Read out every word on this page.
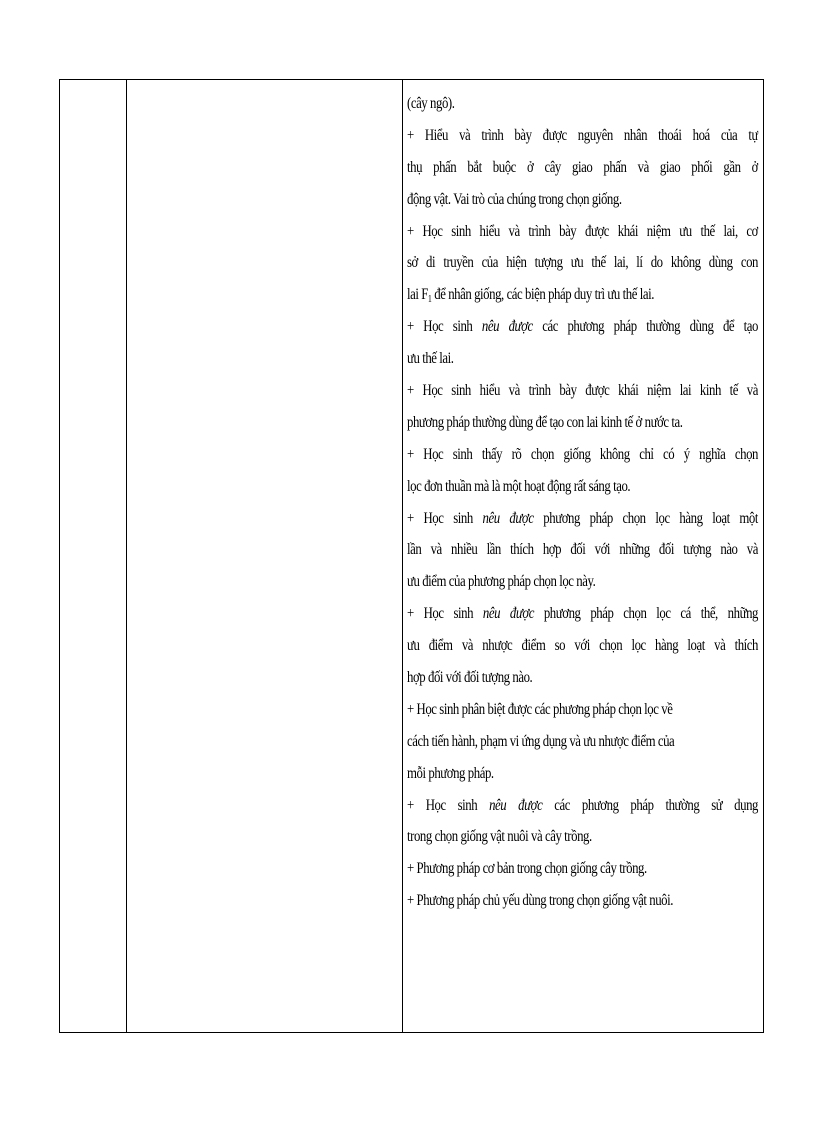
(cây ngô).
+ Hiểu và trình bày được nguyên nhân thoái hoá của tự
thụ phấn bắt buộc ở cây giao phấn và giao phối gần ở
động vật. Vai trò của chúng trong chọn giống.
+ Học sinh hiểu và trình bày được khái niệm ưu thế lai, cơ
sở di truyền của hiện tượng ưu thế lai, lí do không dùng con
lai $F_1$ để nhân giống, các biện pháp duy trì ưu thế lai.
+ Học sinh nêu được các phương pháp thường dùng để tạo
ưu thế lai.
+ Học sinh hiểu và trình bày được khái niệm lai kinh tế và
phương pháp thường dùng để tạo con lai kinh tế ở nước ta.
+ Học sinh thấy rõ chọn giống không chỉ có ý nghĩa chọn
lọc đơn thuần mà là một hoạt động rất sáng tạo.
+ Học sinh nêu được phương pháp chọn lọc hàng loạt một
lần và nhiều lần thích hợp đối với những đối tượng nào và
ưu điểm của phương pháp chọn lọc này.
+ Học sinh nêu được phương pháp chọn lọc cá thể, những
ưu điểm và nhược điểm so với chọn lọc hàng loạt và thích
hợp đối với đối tượng nào.
+ Học sinh phân biệt được các phương pháp chọn lọc về
cách tiến hành, phạm vi ứng dụng và ưu nhược điểm của
mỗi phương pháp.
+ Học sinh nêu được các phương pháp thường sử dụng
trong chọn giống vật nuôi và cây trồng.
+ Phương pháp cơ bản trong chọn giống cây trồng.
+ Phương pháp chủ yếu dùng trong chọn giống vật nuôi.
